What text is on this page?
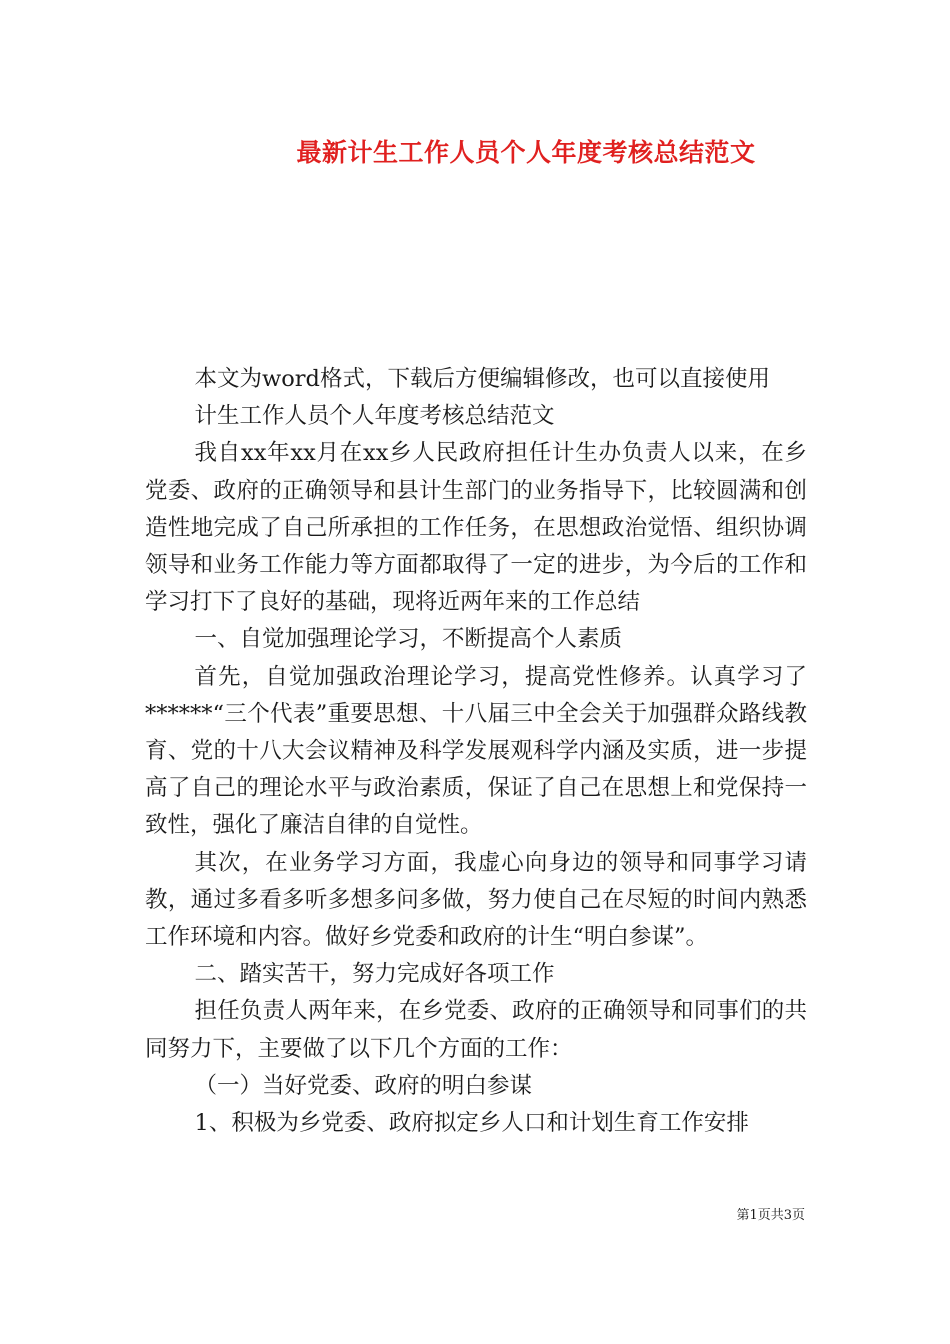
最新计生工作人员个人年度考核总结范文

本文为word格式，下载后方便编辑修改，也可以直接使用

计生工作人员个人年度考核总结范文

我自xx年xx月在xx乡人民政府担任计生办负责人以来，在乡党委、政府的正确领导和县计生部门的业务指导下，比较圆满和创造性地完成了自己所承担的工作任务，在思想政治觉悟、组织协调领导和业务工作能力等方面都取得了一定的进步，为今后的工作和学习打下了良好的基础，现将近两年来的工作总结

一、自觉加强理论学习，不断提高个人素质

首先，自觉加强政治理论学习，提高党性修养。认真学习了******“三个代表”重要思想、十八届三中全会关于加强群众路线教育、党的十八大会议精神及科学发展观科学内涵及实质，进一步提高了自己的理论水平与政治素质，保证了自己在思想上和党保持一致性，强化了廉洁自律的自觉性。

其次，在业务学习方面，我虚心向身边的领导和同事学习请教，通过多看多听多想多问多做，努力使自己在尽短的时间内熟悉工作环境和内容。做好乡党委和政府的计生“明白参谋”。

二、踏实苦干，努力完成好各项工作

担任负责人两年来，在乡党委、政府的正确领导和同事们的共同努力下，主要做了以下几个方面的工作：

（一）当好党委、政府的明白参谋

1、积极为乡党委、政府拟定乡人口和计划生育工作安排

第1页共3页
